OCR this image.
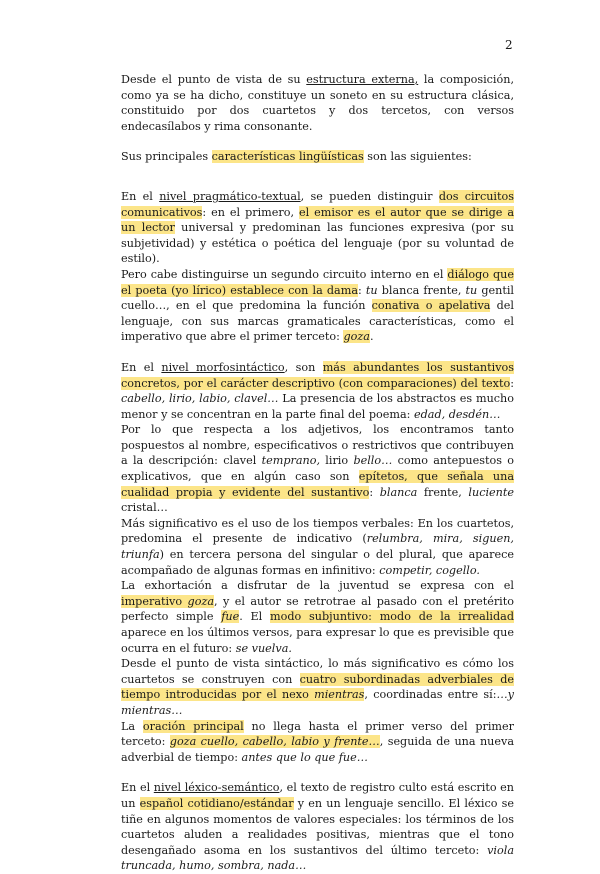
2

Desde el punto de vista de su estructura externa, la composición, como ya se ha dicho, constituye un soneto en su estructura clásica, constituido por dos cuartetos y dos tercetos, con versos endecasílabos y rima consonante.

Sus principales características lingüísticas son las siguientes:

En el nivel pragmático-textual, se pueden distinguir dos circuitos comunicativos: en el primero, el emisor es el autor que se dirige a un lector universal y predominan las funciones expresiva (por su subjetividad) y estética o poética del lenguaje (por su voluntad de estilo).

Pero cabe distinguirse un segundo circuito interno en el diálogo que el poeta (yo lírico) establece con la dama: tu blanca frente, tu gentil cuello…, en el que predomina la función conativa o apelativa del lenguaje, con sus marcas gramaticales características, como el imperativo que abre el primer terceto: goza.

En el nivel morfosintáctico, son más abundantes los sustantivos concretos, por el carácter descriptivo (con comparaciones) del texto: cabello, lirio, labio, clavel… La presencia de los abstractos es mucho menor y se concentran en la parte final del poema: edad, desdén…

Por lo que respecta a los adjetivos, los encontramos tanto pospuestos al nombre, especificativos o restrictivos que contribuyen a la descripción: clavel temprano, lirio bello… como antepuestos o explicativos, que en algún caso son epítetos, que señala una cualidad propia y evidente del sustantivo: blanca frente, luciente cristal…

Más significativo es el uso de los tiempos verbales: En los cuartetos, predomina el presente de indicativo (relumbra, mira, siguen, triunfa) en tercera persona del singular o del plural, que aparece acompañado de algunas formas en infinitivo: competir, cogello.

La exhortación a disfrutar de la juventud se expresa con el imperativo goza, y el autor se retrotrae al pasado con el pretérito perfecto simple fue. El modo subjuntivo: modo de la irrealidad aparece en los últimos versos, para expresar lo que es previsible que ocurra en el futuro: se vuelva.

Desde el punto de vista sintáctico, lo más significativo es cómo los cuartetos se construyen con cuatro subordinadas adverbiales de tiempo introducidas por el nexo mientras, coordinadas entre sí:…y mientras…

La oración principal no llega hasta el primer verso del primer terceto: goza cuello, cabello, labio y frente…, seguida de una nueva adverbial de tiempo: antes que lo que fue…

En el nivel léxico-semántico, el texto de registro culto está escrito en un español cotidiano/estándar y en un lenguaje sencillo. El léxico se tiñe en algunos momentos de valores especiales: los términos de los cuartetos aluden a realidades positivas, mientras que el tono desengañado asoma en los sustantivos del último terceto: viola truncada, humo, sombra, nada…
